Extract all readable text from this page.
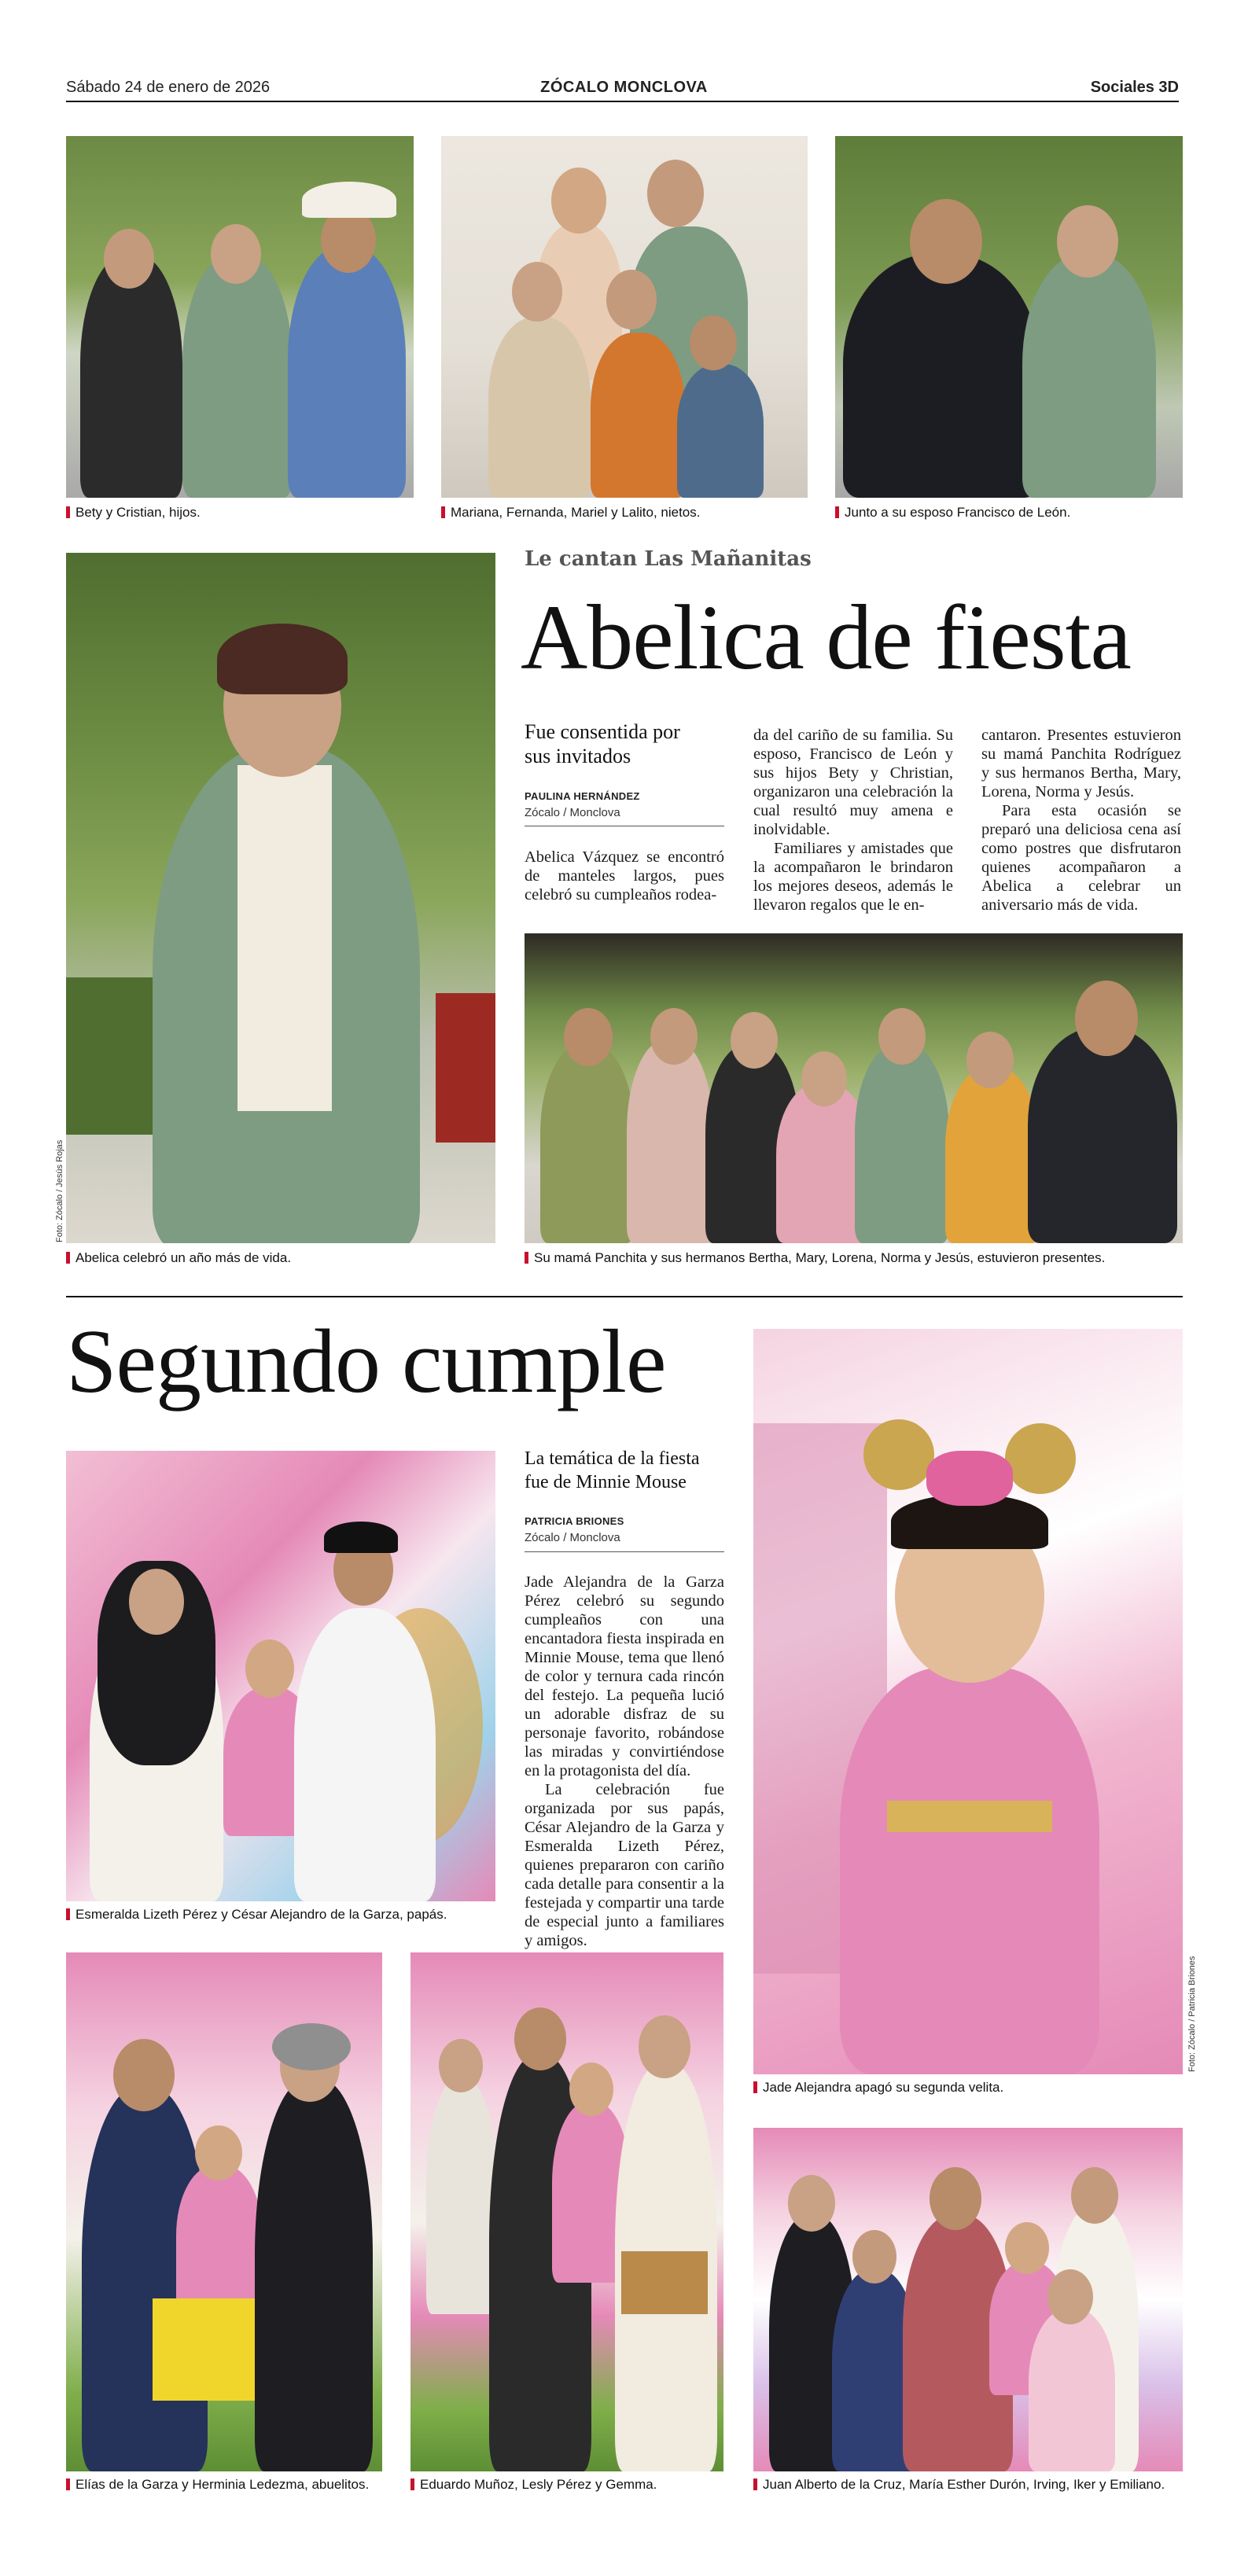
Sábado 24 de enero de 2026	ZÓCALO MONCLOVA	Sociales 3D
Bety y Cristian, hijos.	Mariana, Fernanda, Mariel y Lalito, nietos.	Junto a su esposo Francisco de León.
Foto: Zócalo / Jesús Rojas
Abelica celebró un año más de vida.
Le cantan Las Mañanitas
Abelica de fiesta
Fue consentida por sus invitados
PAULINA HERNÁNDEZ
Zócalo / Monclova

Abelica Vázquez se encontró de manteles largos, pues celebró su cumpleaños rodea-

da del cariño de su familia. Su esposo, Francisco de León y sus hijos Bety y Christian, organizaron una celebración la cual resultó muy amena e inolvidable.

Familiares y amistades que la acompañaron le brindaron los mejores deseos, además le llevaron regalos que le en-

cantaron. Presentes estuvieron su mamá Panchita Rodríguez y sus hermanos Bertha, Mary, Lorena, Norma y Jesús.

Para esta ocasión se preparó una deliciosa cena así como postres que disfrutaron quienes acompañaron a Abelica a celebrar un aniversario más de vida.

Su mamá Panchita y sus hermanos Bertha, Mary, Lorena, Norma y Jesús, estuvieron presentes.
Segundo cumple
Esmeralda Lizeth Pérez y César Alejandro de la Garza, papás.
La temática de la fiesta fue de Minnie Mouse
PATRICIA BRIONES
Zócalo / Monclova

Jade Alejandra de la Garza Pérez celebró su segundo cumpleaños con una encantadora fiesta inspirada en Minnie Mouse, tema que llenó de color y ternura cada rincón del festejo. La pequeña lució un adorable disfraz de su personaje favorito, robándose las miradas y convirtiéndose en la protagonista del día.

La celebración fue organizada por sus papás, César Alejandro de la Garza y Esmeralda Lizeth Pérez, quienes prepararon con cariño cada detalle para consentir a la festejada y compartir una tarde de especial junto a familiares y amigos.

Foto: Zócalo / Patricia Briones
Jade Alejandra apagó su segunda velita.
Elías de la Garza y Herminia Ledezma, abuelitos.	Eduardo Muñoz, Lesly Pérez y Gemma.	Juan Alberto de la Cruz, María Esther Durón, Irving, Iker y Emiliano.
